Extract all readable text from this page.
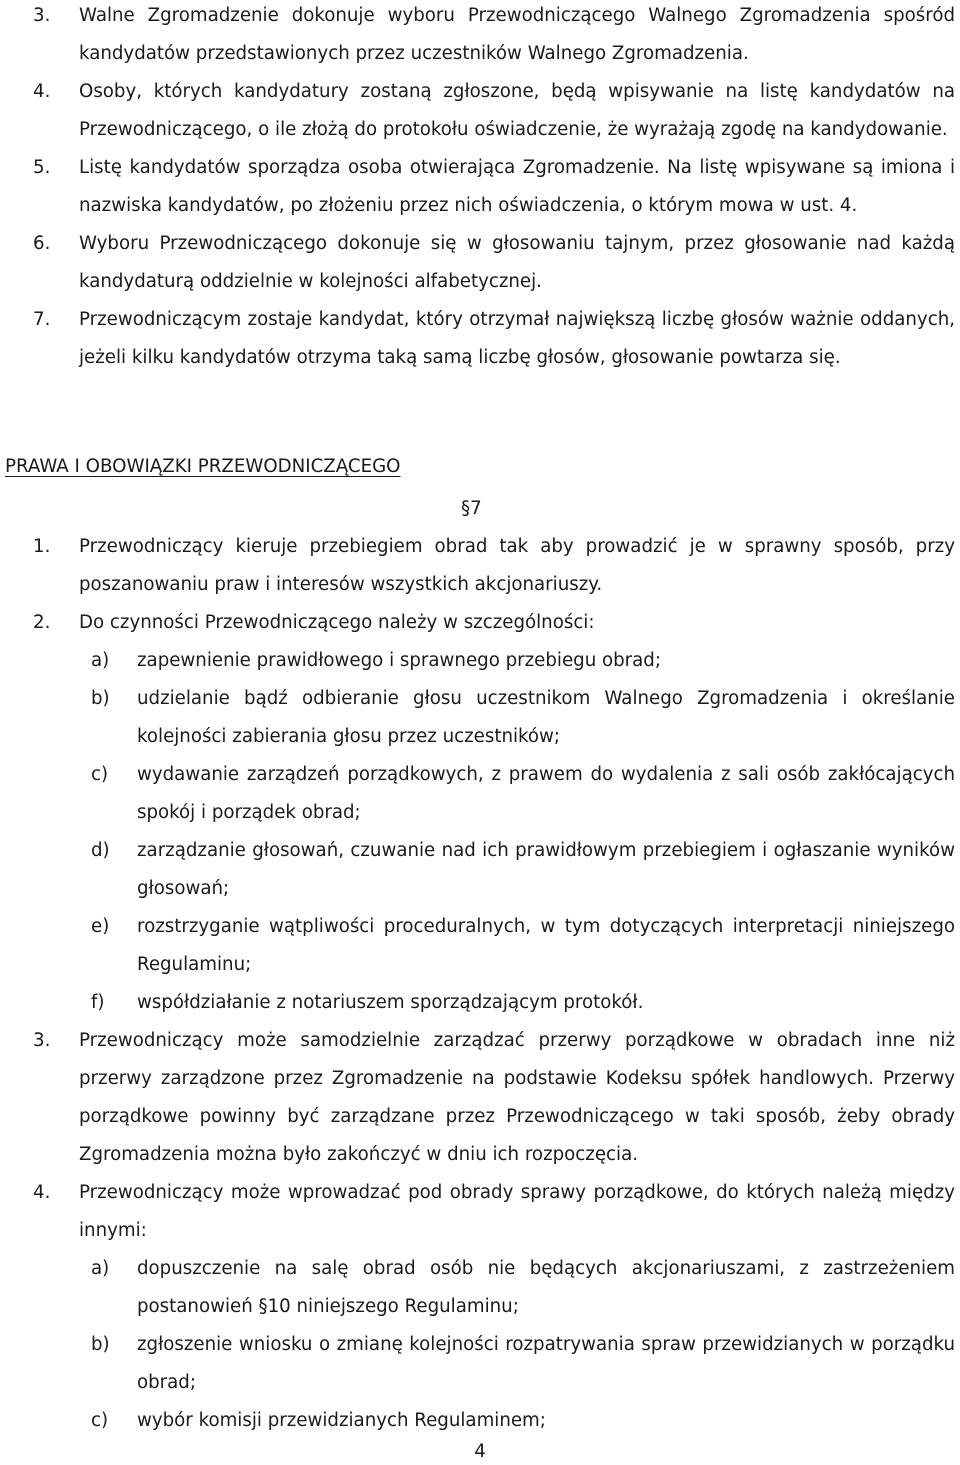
3.	Walne Zgromadzenie dokonuje wyboru Przewodniczącego Walnego Zgromadzenia spośród kandydatów przedstawionych przez uczestników Walnego Zgromadzenia.
4.	Osoby, których kandydatury zostaną zgłoszone, będą wpisywanie na listę kandydatów na Przewodniczącego, o ile złożą do protokołu oświadczenie, że wyrażają zgodę na kandydowanie.
5.	Listę kandydatów sporządza osoba otwierająca Zgromadzenie. Na listę wpisywane są imiona i nazwiska kandydatów, po złożeniu przez nich oświadczenia, o którym mowa w ust. 4.
6.	Wyboru Przewodniczącego dokonuje się w głosowaniu tajnym, przez głosowanie nad każdą kandydaturą oddzielnie w kolejności alfabetycznej.
7.	Przewodniczącym zostaje kandydat, który otrzymał największą liczbę głosów ważnie oddanych, jeżeli kilku kandydatów otrzyma taką samą liczbę głosów, głosowanie powtarza się.
PRAWA I OBOWIĄZKI PRZEWODNICZĄCEGO
§7
1.	Przewodniczący kieruje przebiegiem obrad tak aby prowadzić je w sprawny sposób, przy poszanowaniu praw i interesów wszystkich akcjonariuszy.
2.	Do czynności Przewodniczącego należy w szczególności:
a)	zapewnienie prawidłowego i sprawnego przebiegu obrad;
b)	udzielanie bądź odbieranie głosu uczestnikom Walnego Zgromadzenia i określanie kolejności zabierania głosu przez uczestników;
c)	wydawanie zarządzeń porządkowych, z prawem do wydalenia z sali osób zakłócających spokój i porządek obrad;
d)	zarządzanie głosowań, czuwanie nad ich prawidłowym przebiegiem i ogłaszanie wyników głosowań;
e)	rozstrzyganie wątpliwości proceduralnych, w tym dotyczących interpretacji niniejszego Regulaminu;
f)	współdziałanie z notariuszem sporządzającym protokół.
3.	Przewodniczący może samodzielnie zarządzać przerwy porządkowe w obradach inne niż przerwy zarządzone przez Zgromadzenie na podstawie Kodeksu spółek handlowych. Przerwy porządkowe powinny być zarządzane przez Przewodniczącego w taki sposób, żeby obrady Zgromadzenia można było zakończyć w dniu ich rozpoczęcia.
4.	Przewodniczący może wprowadzać pod obrady sprawy porządkowe, do których należą między innymi:
a)	dopuszczenie na salę obrad osób nie będących akcjonariuszami, z zastrzeżeniem postanowień §10 niniejszego Regulaminu;
b)	zgłoszenie wniosku o zmianę kolejności rozpatrywania spraw przewidzianych w porządku obrad;
c)	wybór komisji przewidzianych Regulaminem;
4
